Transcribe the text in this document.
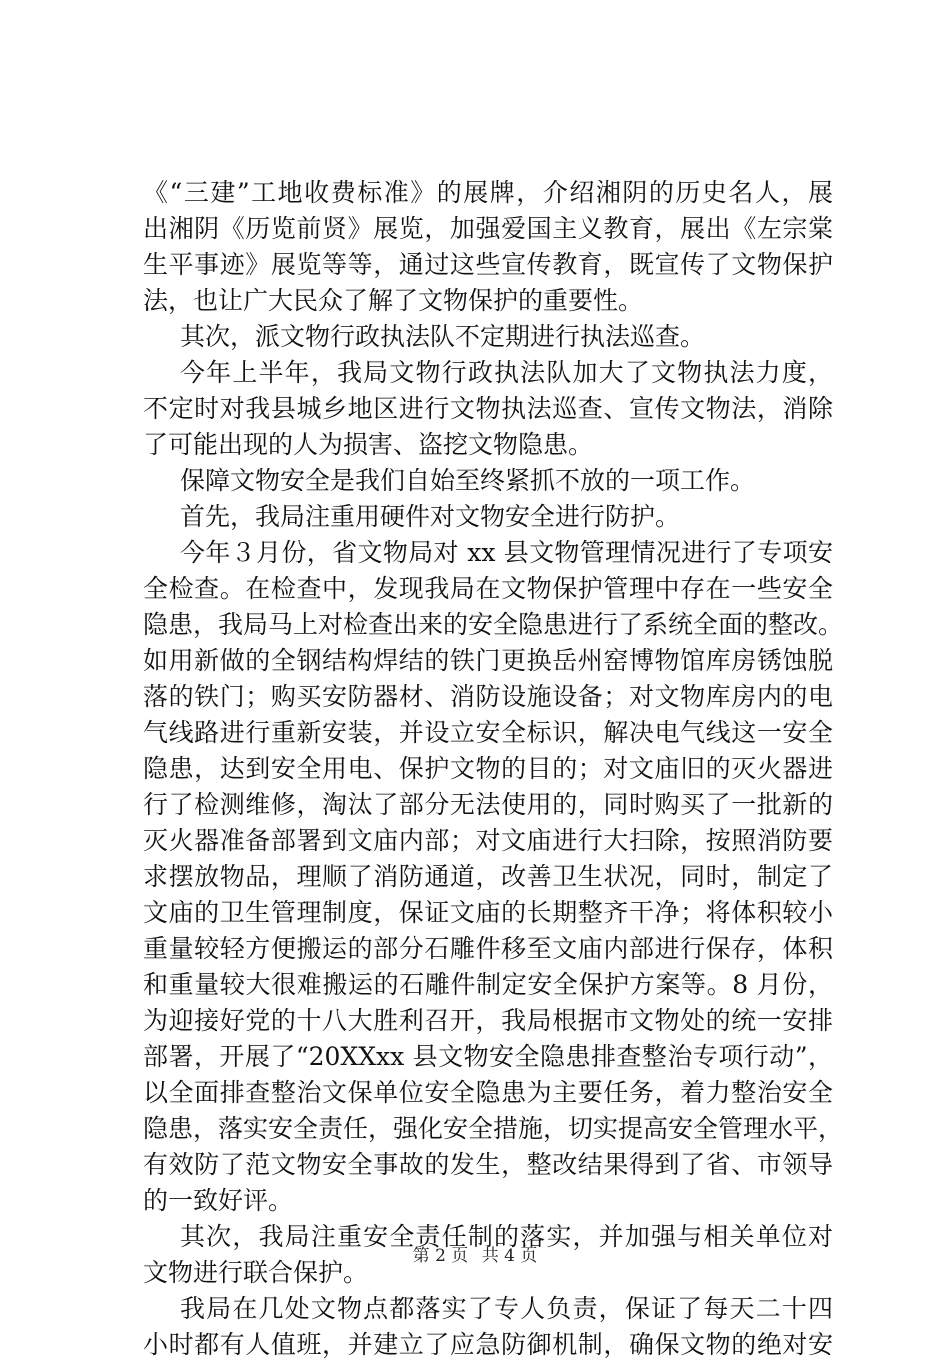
《“三建”工地收费标准》的展牌，介绍湘阴的历史名人，展
出湘阴《历览前贤》展览，加强爱国主义教育，展出《左宗棠
生平事迹》展览等等，通过这些宣传教育，既宣传了文物保护
法，也让广大民众了解了文物保护的重要性。
其次，派文物行政执法队不定期进行执法巡查。
今年上半年，我局文物行政执法队加大了文物执法力度，
不定时对我县城乡地区进行文物执法巡查、宣传文物法，消除
了可能出现的人为损害、盗挖文物隐患。
保障文物安全是我们自始至终紧抓不放的一项工作。
首先，我局注重用硬件对文物安全进行防护。
今年３月份，省文物局对 xx 县文物管理情况进行了专项安
全检查。在检查中，发现我局在文物保护管理中存在一些安全
隐患，我局马上对检查出来的安全隐患进行了系统全面的整改。
如用新做的全钢结构焊结的铁门更换岳州窑博物馆库房锈蚀脱
落的铁门；购买安防器材、消防设施设备；对文物库房内的电
气线路进行重新安装，并设立安全标识，解决电气线这一安全
隐患，达到安全用电、保护文物的目的；对文庙旧的灭火器进
行了检测维修，淘汰了部分无法使用的，同时购买了一批新的
灭火器准备部署到文庙内部；对文庙进行大扫除，按照消防要
求摆放物品，理顺了消防通道，改善卫生状况，同时，制定了
文庙的卫生管理制度，保证文庙的长期整齐干净；将体积较小
重量较轻方便搬运的部分石雕件移至文庙内部进行保存，体积
和重量较大很难搬运的石雕件制定安全保护方案等。8 月份，
为迎接好党的十八大胜利召开，我局根据市文物处的统一安排
部署，开展了“20XXxx 县文物安全隐患排查整治专项行动”，
以全面排查整治文保单位安全隐患为主要任务，着力整治安全
隐患，落实安全责任，强化安全措施，切实提高安全管理水平，
有效防了范文物安全事故的发生，整改结果得到了省、市领导
的一致好评。
其次，我局注重安全责任制的落实，并加强与相关单位对
文物进行联合保护。
我局在几处文物点都落实了专人负责，保证了每天二十四
小时都有人值班，并建立了应急防御机制，确保文物的绝对安
第 2 页 共 4 页
